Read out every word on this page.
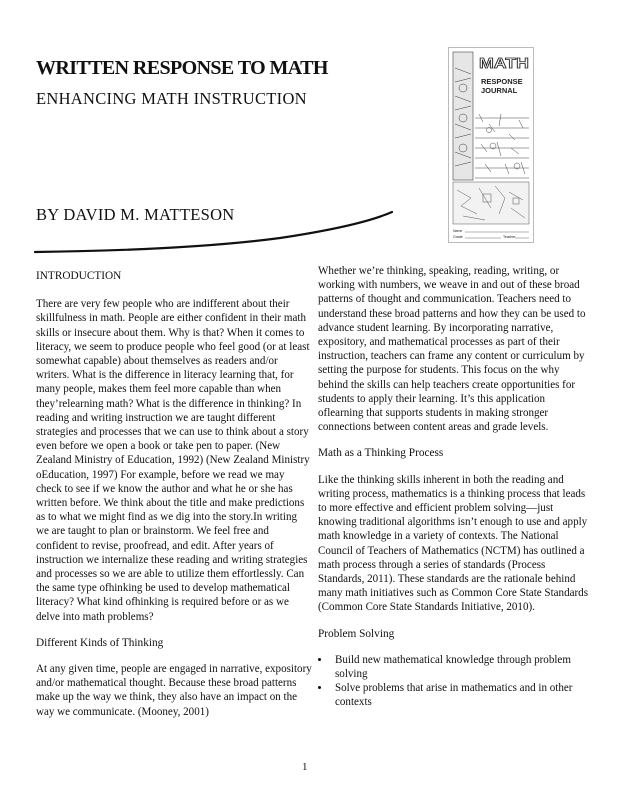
WRITTEN RESPONSE TO MATH
ENHANCING MATH INSTRUCTION
BY DAVID M. MATTESON
MATH
RESPONSE
JOURNAL
Name
Grade	Teacher
INTRODUCTION

There are very few people who are indifferent about their skillfulness in math. People are either confident in their math skills or insecure about them. Why is that? When it comes to literacy, we seem to produce people who feel good (or at least somewhat capable) about themselves as readers and/or writers. What is the difference in literacy learning that, for many people, makes them feel more capable than when they’relearning math? What is the difference in thinking? In reading and writing instruction we are taught different strategies and processes that we can use to think about a story even before we open a book or take pen to paper. (New Zealand Ministry of Education, 1992) (New Zealand Ministry oEducation, 1997) For example, before we read we may check to see if we know the author and what he or she has written before. We think about the title and make predictions as to what we might find as we dig into the story.In writing we are taught to plan or brainstorm. We feel free and confident to revise, proofread, and edit. After years of instruction we internalize these reading and writing strategies and processes so we are able to utilize them effortlessly. Can the same type ofhinking be used to develop mathematical literacy? What kind ofhinking is required before or as we delve into math problems?

Different Kinds of Thinking

At any given time, people are engaged in narrative, expository and/or mathematical thought. Because these broad patterns make up the way we think, they also have an impact on the way we communicate. (Mooney, 2001)

Whether we’re thinking, speaking, reading, writing, or working with numbers, we weave in and out of these broad patterns of thought and communication. Teachers need to understand these broad patterns and how they can be used to advance student learning. By incorporating narrative, expository, and mathematical processes as part of their instruction, teachers can frame any content or curriculum by setting the purpose for students. This focus on the why behind the skills can help teachers create opportunities for students to apply their learning. It’s this application oflearning that supports students in making stronger connections between content areas and grade levels.

Math as a Thinking Process

Like the thinking skills inherent in both the reading and writing process, mathematics is a thinking process that leads to more effective and efficient problem solving—just knowing traditional algorithms isn’t enough to use and apply math knowledge in a variety of contexts. The National Council of Teachers of Mathematics (NCTM) has outlined a math process through a series of standards (Process Standards, 2011). These standards are the rationale behind many math initiatives such as Common Core State Standards (Common Core State Standards Initiative, 2010).

Problem Solving
• Build new mathematical knowledge through problem solving
• Solve problems that arise in mathematics and in other contexts
1
